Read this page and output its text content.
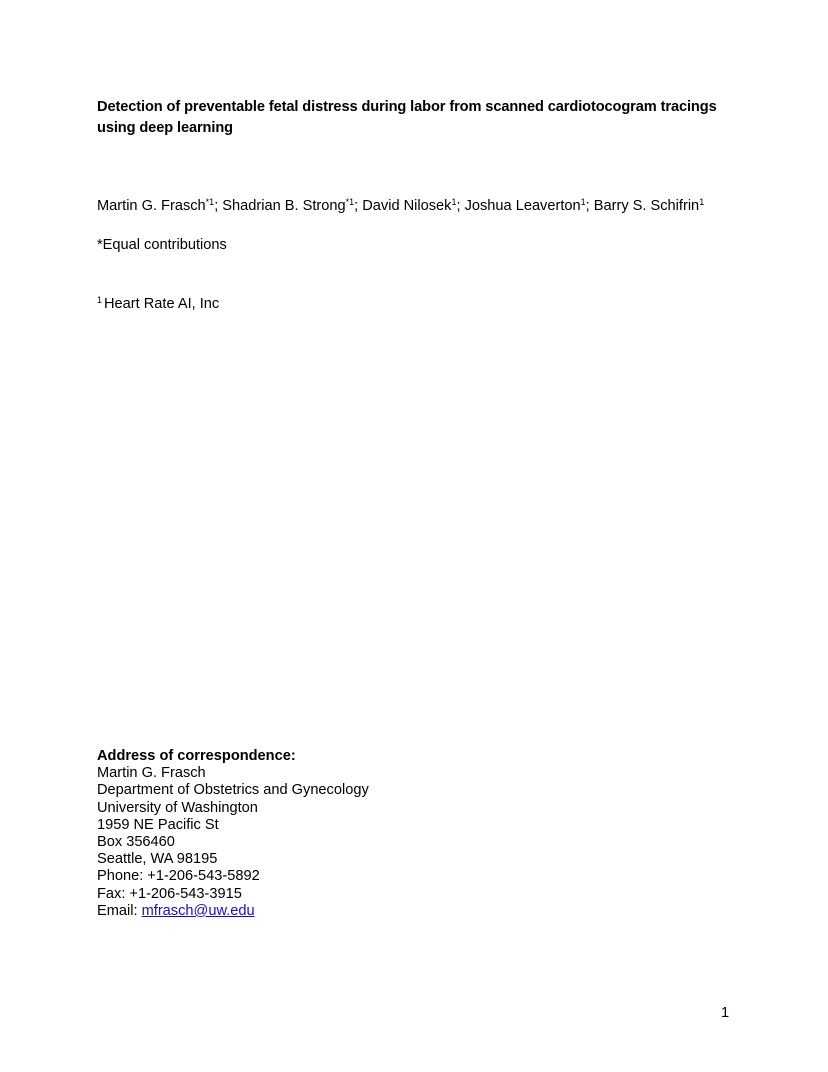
Detection of preventable fetal distress during labor from scanned cardiotocogram tracings using deep learning
Martin G. Frasch$^{*1}$; Shadrian B. Strong$^{*1}$; David Nilosek$^1$; Joshua Leaverton$^1$; Barry S. Schifrin$^1$
*Equal contributions
$^1$ Heart Rate AI, Inc
Address of correspondence:
Martin G. Frasch
Department of Obstetrics and Gynecology
University of Washington
1959 NE Pacific St
Box 356460
Seattle, WA 98195
Phone: +1-206-543-5892
Fax: +1-206-543-3915
Email: mfrasch@uw.edu
1
